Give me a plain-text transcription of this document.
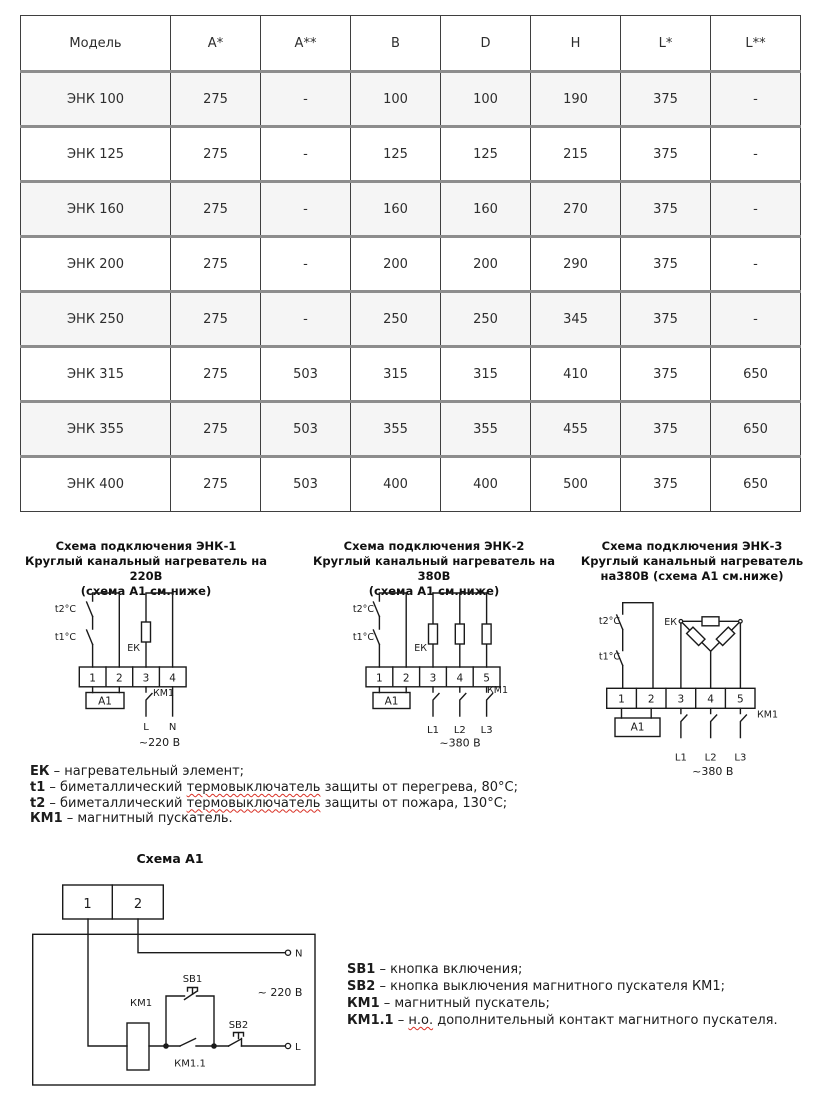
Модель	A*	A**	B	D	H	L*	L**
ЭНК 100	275	-	100	100	190	375	-
ЭНК 125	275	-	125	125	215	375	-
ЭНК 160	275	-	160	160	270	375	-
ЭНК 200	275	-	200	200	290	375	-
ЭНК 250	275	-	250	250	345	375	-
ЭНК 315	275	503	315	315	410	375	650
ЭНК 355	275	503	355	355	455	375	650
ЭНК 400	275	503	400	400	500	375	650
Схема подключения ЭНК-1
Круглый канальный нагреватель на 220В
(схема А1 см.ниже)
Схема подключения ЭНК-2
Круглый канальный нагреватель на 380В
(схема А1 см.ниже)
Схема подключения ЭНК-3
Круглый канальный нагреватель
на380В (схема А1 см.ниже)
t2°C
t1°C
ЕК
1 2 3 4
А1
КМ1
L N
~220 В
t2°C
t1°C
ЕК
1 2 3 4 5
А1
КМ1
L1 L2 L3
~380 В
t2°C
t1°C
ЕК
1 2 3 4 5
А1
КМ1
L1 L2 L3
~380 В
ЕК – нагревательный элемент;
t1 – биметаллический термовыключатель защиты от перегрева, 80°С;
t2 – биметаллический термовыключатель защиты от пожара, 130°С;
КМ1 – магнитный пускатель.
Схема А1
1	2
N
КМ1
КМ1.1
SB1
SB2
L
~ 220 В
SB1 – кнопка включения;
SB2 – кнопка выключения магнитного пускателя КМ1;
КМ1 – магнитный пускатель;
КМ1.1 – н.о. дополнительный контакт магнитного пускателя.
